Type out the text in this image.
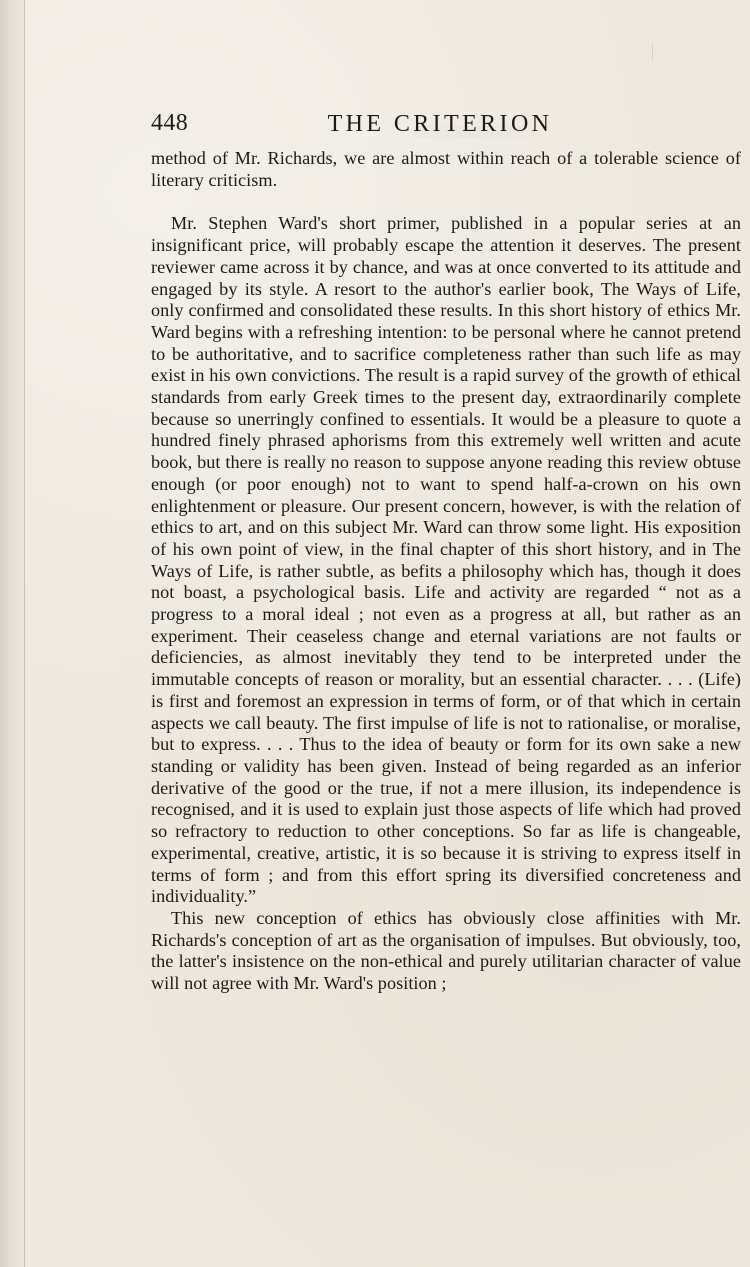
448	THE CRITERION

method of Mr. Richards, we are almost within reach of a tolerable science of literary criticism.

Mr. Stephen Ward's short primer, published in a popular series at an insignificant price, will probably escape the attention it deserves. The present reviewer came across it by chance, and was at once converted to its attitude and engaged by its style. A resort to the author's earlier book, The Ways of Life, only confirmed and consolidated these results. In this short history of ethics Mr. Ward begins with a refreshing intention: to be personal where he cannot pretend to be authoritative, and to sacrifice completeness rather than such life as may exist in his own convictions. The result is a rapid survey of the growth of ethical standards from early Greek times to the present day, extraordinarily complete because so unerringly confined to essentials. It would be a pleasure to quote a hundred finely phrased aphorisms from this extremely well written and acute book, but there is really no reason to suppose anyone reading this review obtuse enough (or poor enough) not to want to spend half-a-crown on his own enlightenment or pleasure. Our present concern, however, is with the relation of ethics to art, and on this subject Mr. Ward can throw some light. His exposition of his own point of view, in the final chapter of this short history, and in The Ways of Life, is rather subtle, as befits a philosophy which has, though it does not boast, a psychological basis. Life and activity are regarded “ not as a progress to a moral ideal ; not even as a progress at all, but rather as an experiment. Their ceaseless change and eternal variations are not faults or deficiencies, as almost inevitably they tend to be interpreted under the immutable concepts of reason or morality, but an essential character. . . . (Life) is first and foremost an expression in terms of form, or of that which in certain aspects we call beauty. The first impulse of life is not to rationalise, or moralise, but to express. . . . Thus to the idea of beauty or form for its own sake a new standing or validity has been given. Instead of being regarded as an inferior derivative of the good or the true, if not a mere illusion, its independence is recognised, and it is used to explain just those aspects of life which had proved so refractory to reduction to other conceptions. So far as life is changeable, experimental, creative, artistic, it is so because it is striving to express itself in terms of form ; and from this effort spring its diversified concreteness and individuality.”

This new conception of ethics has obviously close affinities with Mr. Richards's conception of art as the organisation of impulses. But obviously, too, the latter's insistence on the non-ethical and purely utilitarian character of value will not agree with Mr. Ward's position ;
